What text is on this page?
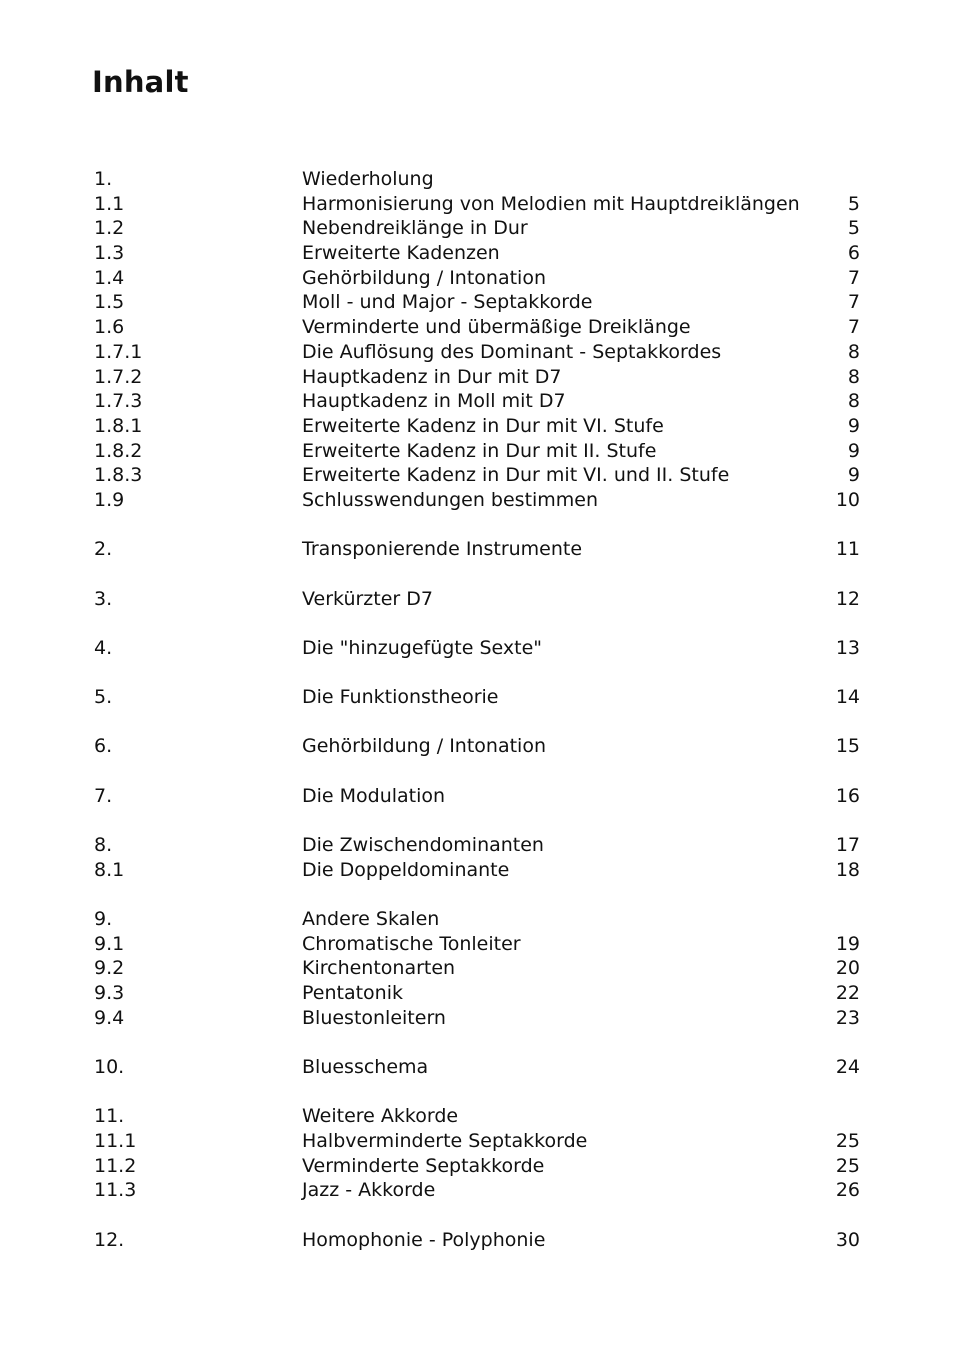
Inhalt
1.	Wiederholung
1.1	Harmonisierung von Melodien mit Hauptdreiklängen	5
1.2	Nebendreiklänge in Dur	5
1.3	Erweiterte Kadenzen	6
1.4	Gehörbildung / Intonation	7
1.5	Moll - und Major - Septakkorde	7
1.6	Verminderte und übermäßige Dreiklänge	7
1.7.1	Die Auflösung des Dominant - Septakkordes	8
1.7.2	Hauptkadenz in Dur mit D7	8
1.7.3	Hauptkadenz in Moll mit D7	8
1.8.1	Erweiterte Kadenz in Dur mit VI. Stufe	9
1.8.2	Erweiterte Kadenz in Dur mit II. Stufe	9
1.8.3	Erweiterte Kadenz in Dur mit VI. und II. Stufe	9
1.9	Schlusswendungen bestimmen	10
2.	Transponierende Instrumente	11
3.	Verkürzter D7	12
4.	Die "hinzugefügte Sexte"	13
5.	Die Funktionstheorie	14
6.	Gehörbildung / Intonation	15
7.	Die Modulation	16
8.	Die Zwischendominanten	17
8.1	Die Doppeldominante	18
9.	Andere Skalen
9.1	Chromatische Tonleiter	19
9.2	Kirchentonarten	20
9.3	Pentatonik	22
9.4	Bluestonleitern	23
10.	Bluesschema	24
11.	Weitere Akkorde
11.1	Halbverminderte Septakkorde	25
11.2	Verminderte Septakkorde	25
11.3	Jazz - Akkorde	26
12.	Homophonie - Polyphonie	30
